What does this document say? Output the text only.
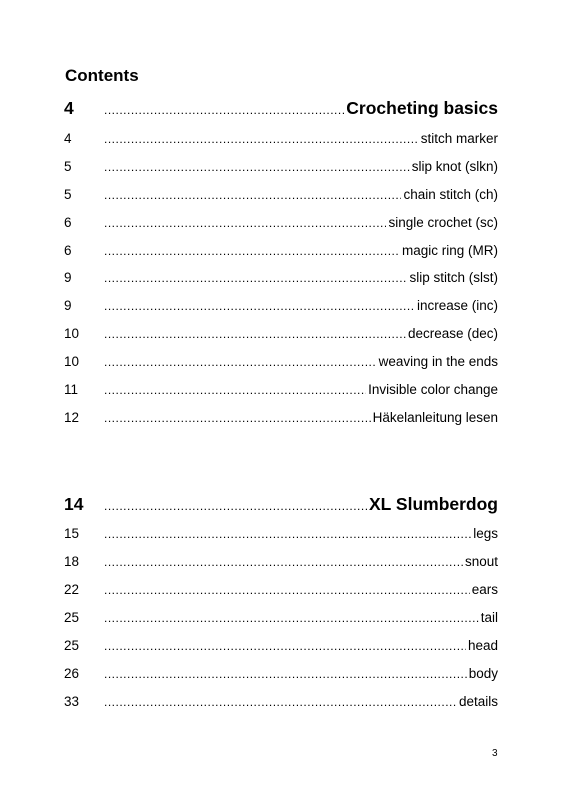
Contents
4 .....	Crocheting basics
4 .....	stitch marker
5 .....	slip knot (slkn)
5 .....	chain stitch (ch)
6 .....	single crochet (sc)
6 .....	magic ring (MR)
9 .....	slip stitch (slst)
9 .....	increase (inc)
10 .....	decrease (dec)
10 .....	weaving in the ends
11 .....	Invisible color change
12 .....	Häkelanleitung lesen
14 .....	XL Slumberdog
15 .....	legs
18 .....	snout
22 .....	ears
25 .....	tail
25 .....	head
26 .....	body
33 .....	details
3
